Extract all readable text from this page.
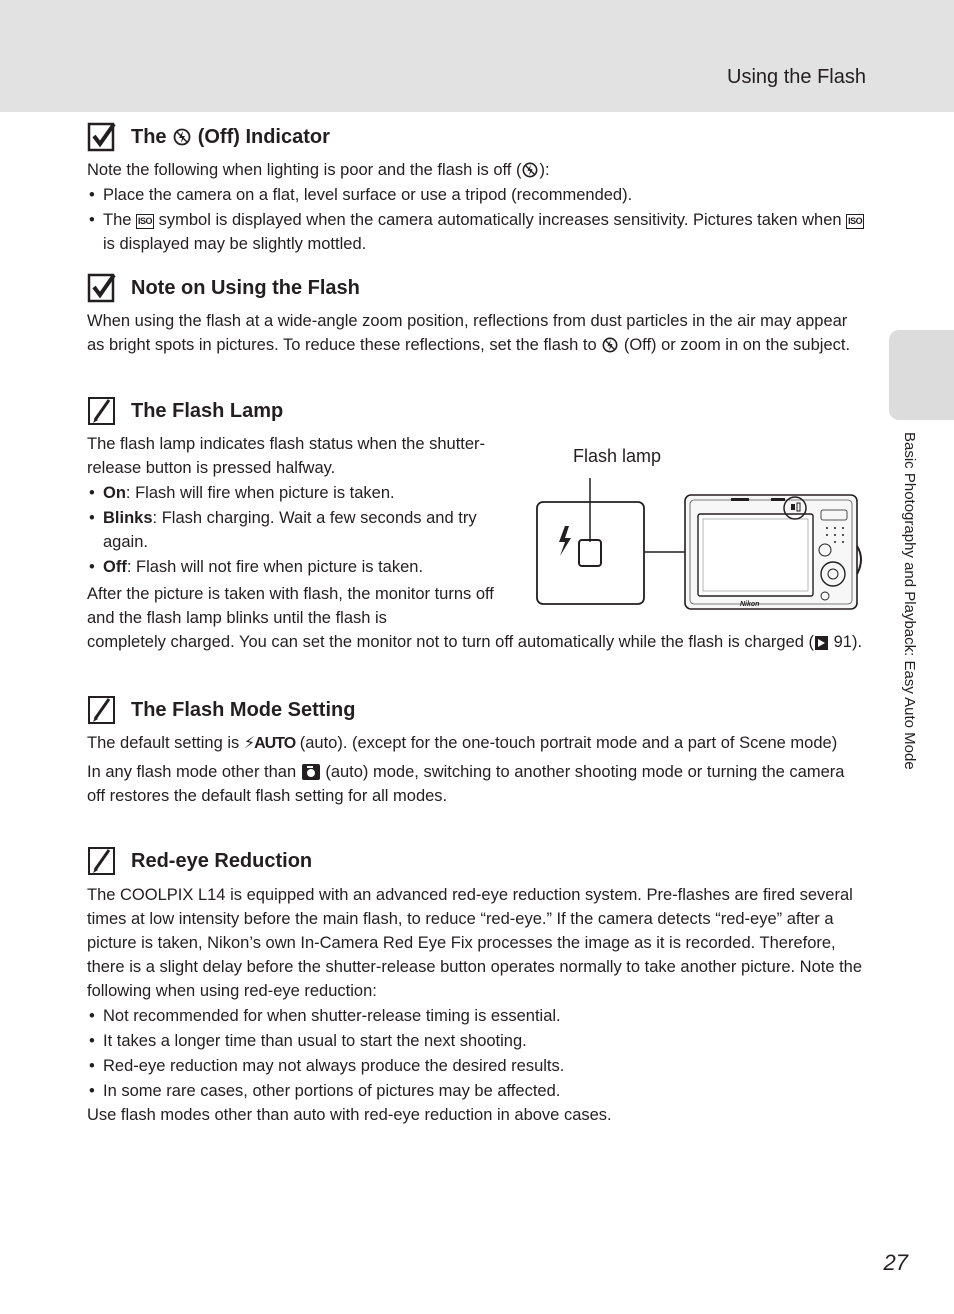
Using the Flash
Basic Photography and Playback: Easy Auto Mode
The (Off) Indicator

Note the following when lighting is poor and the flash is off ( ):

• Place the camera on a flat, level surface or use a tripod (recommended).
• The ISO symbol is displayed when the camera automatically increases sensitivity. Pictures taken when ISO is displayed may be slightly mottled.
Note on Using the Flash

When using the flash at a wide-angle zoom position, reflections from dust particles in the air may appear as bright spots in pictures. To reduce these reflections, set the flash to (Off) or zoom in on the subject.

The Flash Lamp

The flash lamp indicates flash status when the shutter-release button is pressed halfway.

• On: Flash will fire when picture is taken.
• Blinks: Flash charging. Wait a few seconds and try again.
• Off: Flash will not fire when picture is taken.

After the picture is taken with flash, the monitor turns off and the flash lamp blinks until the flash is

completely charged. You can set the monitor not to turn off automatically while the flash is charged ( 91).

Flash lamp
Nikon
The Flash Mode Setting

The default setting is ⚡AUTO (auto). (except for the one-touch portrait mode and a part of Scene mode)

In any flash mode other than (auto) mode, switching to another shooting mode or turning the camera off restores the default flash setting for all modes.

Red-eye Reduction

The COOLPIX L14 is equipped with an advanced red-eye reduction system. Pre-flashes are fired several times at low intensity before the main flash, to reduce “red-eye.” If the camera detects “red-eye” after a picture is taken, Nikon’s own In-Camera Red Eye Fix processes the image as it is recorded. Therefore, there is a slight delay before the shutter-release button operates normally to take another picture. Note the following when using red-eye reduction:

• Not recommended for when shutter-release timing is essential.
• It takes a longer time than usual to start the next shooting.
• Red-eye reduction may not always produce the desired results.
• In some rare cases, other portions of pictures may be affected.

Use flash modes other than auto with red-eye reduction in above cases.

27
